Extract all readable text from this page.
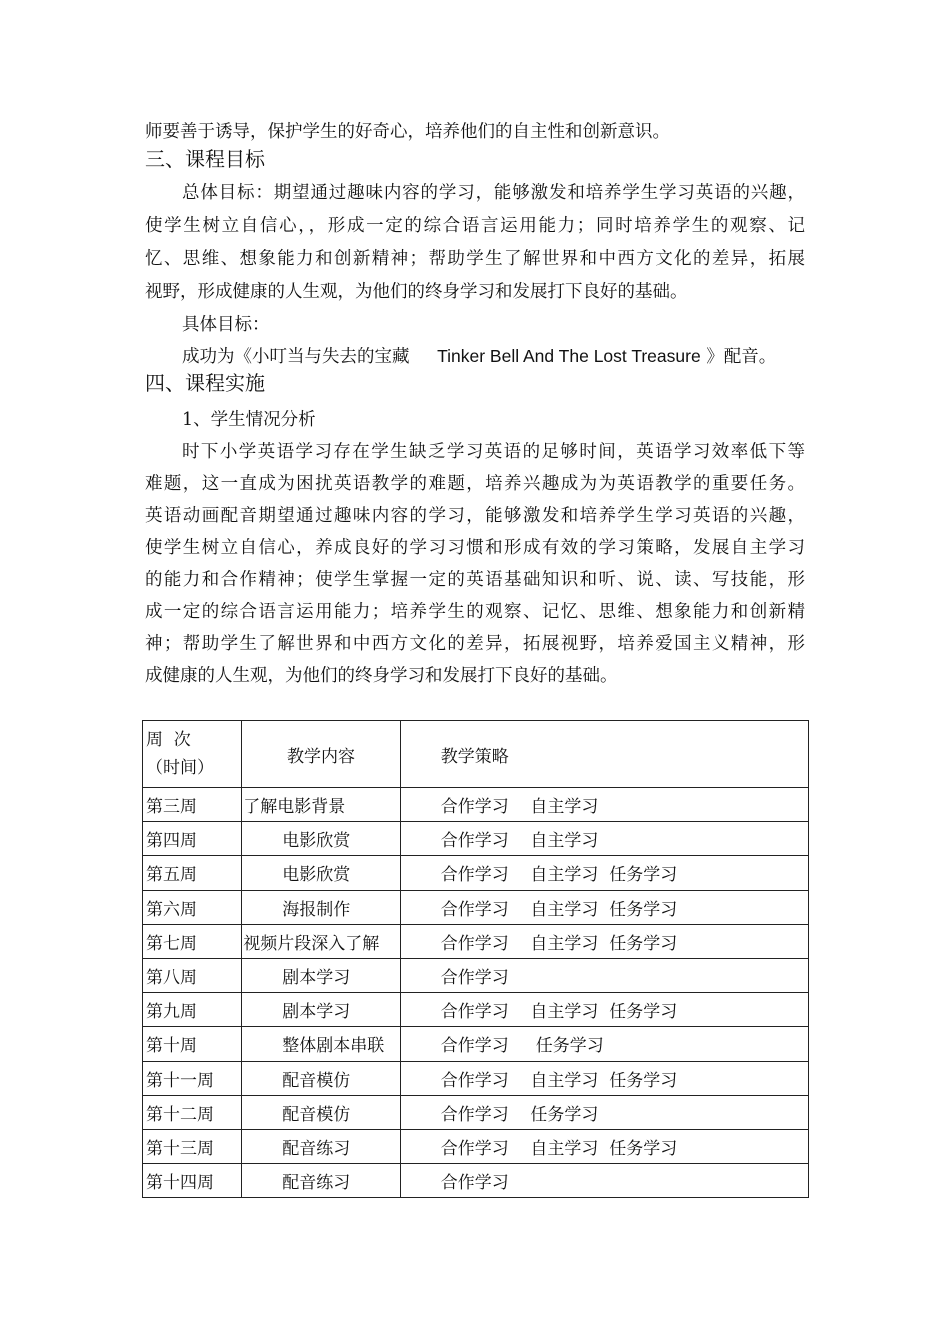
师要善于诱导，保护学生的好奇心，培养他们的自主性和创新意识。
三、课程目标
总体目标：期望通过趣味内容的学习，能够激发和培养学生学习英语的兴趣，
使学生树立自信心，，形成一定的综合语言运用能力；同时培养学生的观察、记
忆、思维、想象能力和创新精神；帮助学生了解世界和中西方文化的差异，拓展
视野，形成健康的人生观，为他们的终身学习和发展打下良好的基础。
具体目标：
成功为《小叮当与失去的宝藏 Tinker Bell And The Lost Treasure 》配音。
四、课程实施
1、学生情况分析
时下小学英语学习存在学生缺乏学习英语的足够时间，英语学习效率低下等
难题，这一直成为困扰英语教学的难题，培养兴趣成为为英语教学的重要任务。
英语动画配音期望通过趣味内容的学习，能够激发和培养学生学习英语的兴趣，
使学生树立自信心，养成良好的学习习惯和形成有效的学习策略，发展自主学习
的能力和合作精神；使学生掌握一定的英语基础知识和听、说、读、写技能，形
成一定的综合语言运用能力；培养学生的观察、记忆、思维、想象能力和创新精
神；帮助学生了解世界和中西方文化的差异，拓展视野，培养爱国主义精神，形
成健康的人生观，为他们的终身学习和发展打下良好的基础。
周  次
（时间）	教学内容	教学策略
第三周	了解电影背景	合作学习    自主学习
第四周	电影欣赏	合作学习    自主学习
第五周	电影欣赏	合作学习    自主学习  任务学习
第六周	海报制作	合作学习    自主学习  任务学习
第七周	视频片段深入了解	合作学习    自主学习  任务学习
第八周	剧本学习	合作学习
第九周	剧本学习	合作学习    自主学习  任务学习
第十周	整体剧本串联	合作学习     任务学习
第十一周	配音模仿	合作学习    自主学习  任务学习
第十二周	配音模仿	合作学习    任务学习
第十三周	配音练习	合作学习    自主学习  任务学习
第十四周	配音练习	合作学习
